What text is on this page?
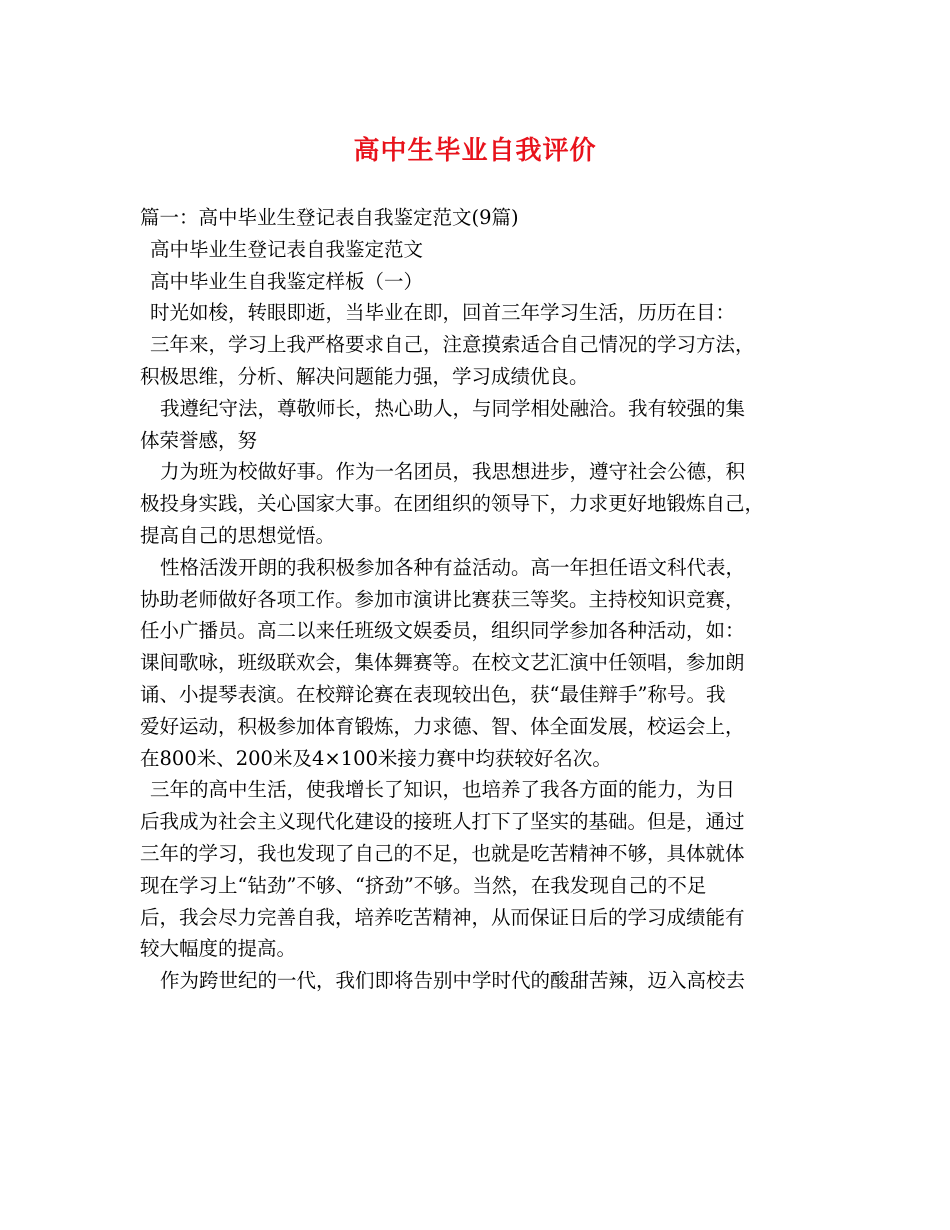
高中生毕业自我评价
篇一：高中毕业生登记表自我鉴定范文(9篇)
高中毕业生登记表自我鉴定范文
高中毕业生自我鉴定样板（一）
时光如梭，转眼即逝，当毕业在即，回首三年学习生活，历历在目：
三年来，学习上我严格要求自己，注意摸索适合自己情况的学习方法，
积极思维，分析、解决问题能力强，学习成绩优良。
我遵纪守法，尊敬师长，热心助人，与同学相处融洽。我有较强的集
体荣誉感，努
力为班为校做好事。作为一名团员，我思想进步，遵守社会公德，积
极投身实践，关心国家大事。在团组织的领导下，力求更好地锻炼自己，
提高自己的思想觉悟。
性格活泼开朗的我积极参加各种有益活动。高一年担任语文科代表，
协助老师做好各项工作。参加市演讲比赛获三等奖。主持校知识竞赛，
任小广播员。高二以来任班级文娱委员，组织同学参加各种活动，如：
课间歌咏，班级联欢会，集体舞赛等。在校文艺汇演中任领唱，参加朗
诵、小提琴表演。在校辩论赛在表现较出色，获“最佳辩手”称号。我
爱好运动，积极参加体育锻炼，力求德、智、体全面发展，校运会上，
在800米、200米及4×100米接力赛中均获较好名次。
三年的高中生活，使我增长了知识，也培养了我各方面的能力，为日
后我成为社会主义现代化建设的接班人打下了坚实的基础。但是，通过
三年的学习，我也发现了自己的不足，也就是吃苦精神不够，具体就体
现在学习上“钻劲”不够、“挤劲”不够。当然，在我发现自己的不足
后，我会尽力完善自我，培养吃苦精神，从而保证日后的学习成绩能有
较大幅度的提高。
作为跨世纪的一代，我们即将告别中学时代的酸甜苦辣，迈入高校去
